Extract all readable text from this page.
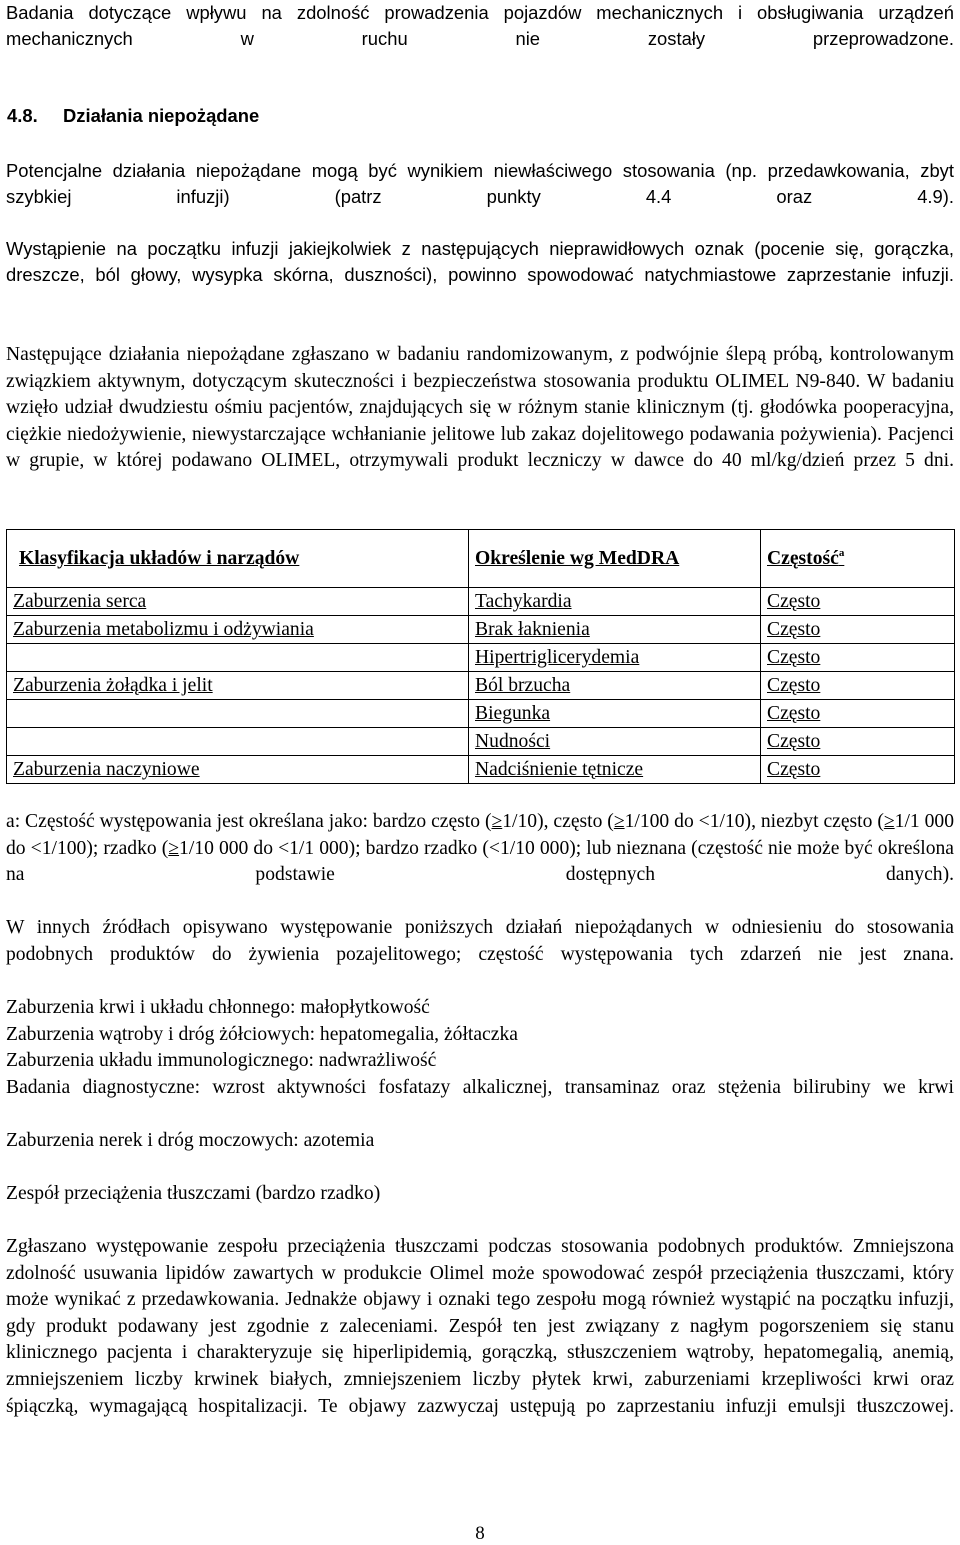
Badania dotyczące wpływu na zdolność prowadzenia pojazdów mechanicznych i obsługiwania urządzeń mechanicznych w ruchu nie zostały przeprowadzone.

4.8. Działania niepożądane

Potencjalne działania niepożądane mogą być wynikiem niewłaściwego stosowania (np. przedawkowania, zbyt szybkiej infuzji) (patrz punkty 4.4 oraz 4.9).

Wystąpienie na początku infuzji jakiejkolwiek z następujących nieprawidłowych oznak (pocenie się, gorączka, dreszcze, ból głowy, wysypka skórna, duszności), powinno spowodować natychmiastowe zaprzestanie infuzji.

Następujące działania niepożądane zgłaszano w badaniu randomizowanym, z podwójnie ślepą próbą, kontrolowanym związkiem aktywnym, dotyczącym skuteczności i bezpieczeństwa stosowania produktu OLIMEL N9-840. W badaniu wzięło udział dwudziestu ośmiu pacjentów, znajdujących się w różnym stanie klinicznym (tj. głodówka pooperacyjna, ciężkie niedożywienie, niewystarczające wchłanianie jelitowe lub zakaz dojelitowego podawania pożywienia). Pacjenci w grupie, w której podawano OLIMEL, otrzymywali produkt leczniczy w dawce do 40 ml/kg/dzień przez 5 dni.

Klasyfikacja układów i narządów	Określenie wg MedDRA	Częstość$^a$
Zaburzenia serca	Tachykardia	Często
Zaburzenia metabolizmu i odżywiania	Brak łaknienia	Często
	Hipertriglicerydemia	Często
Zaburzenia żołądka i jelit	Ból brzucha	Często
	Biegunka	Często
	Nudności	Często
Zaburzenia naczyniowe	Nadciśnienie tętnicze	Często

a: Częstość występowania jest określana jako: bardzo często (≥1/10), często (≥1/100 do <1/10), niezbyt często (≥1/1 000 do <1/100); rzadko (≥1/10 000 do <1/1 000); bardzo rzadko (<1/10 000); lub nieznana (częstość nie może być określona na podstawie dostępnych danych).

W innych źródłach opisywano występowanie poniższych działań niepożądanych w odniesieniu do stosowania podobnych produktów do żywienia pozajelitowego; częstość występowania tych zdarzeń nie jest znana.

Zaburzenia krwi i układu chłonnego: małopłytkowość

Zaburzenia wątroby i dróg żółciowych: hepatomegalia, żółtaczka

Zaburzenia układu immunologicznego: nadwrażliwość

Badania diagnostyczne: wzrost aktywności fosfatazy alkalicznej, transaminaz oraz stężenia bilirubiny we krwi

Zaburzenia nerek i dróg moczowych: azotemia

Zespół przeciążenia tłuszczami (bardzo rzadko)

Zgłaszano występowanie zespołu przeciążenia tłuszczami podczas stosowania podobnych produktów. Zmniejszona zdolność usuwania lipidów zawartych w produkcie Olimel może spowodować zespół przeciążenia tłuszczami, który może wynikać z przedawkowania. Jednakże objawy i oznaki tego zespołu mogą również wystąpić na początku infuzji, gdy produkt podawany jest zgodnie z zaleceniami. Zespół ten jest związany z nagłym pogorszeniem się stanu klinicznego pacjenta i charakteryzuje się hiperlipidemią, gorączką, stłuszczeniem wątroby, hepatomegalią, anemią, zmniejszeniem liczby krwinek białych, zmniejszeniem liczby płytek krwi, zaburzeniami krzepliwości krwi oraz śpiączką, wymagającą hospitalizacji. Te objawy zazwyczaj ustępują po zaprzestaniu infuzji emulsji tłuszczowej.

8
